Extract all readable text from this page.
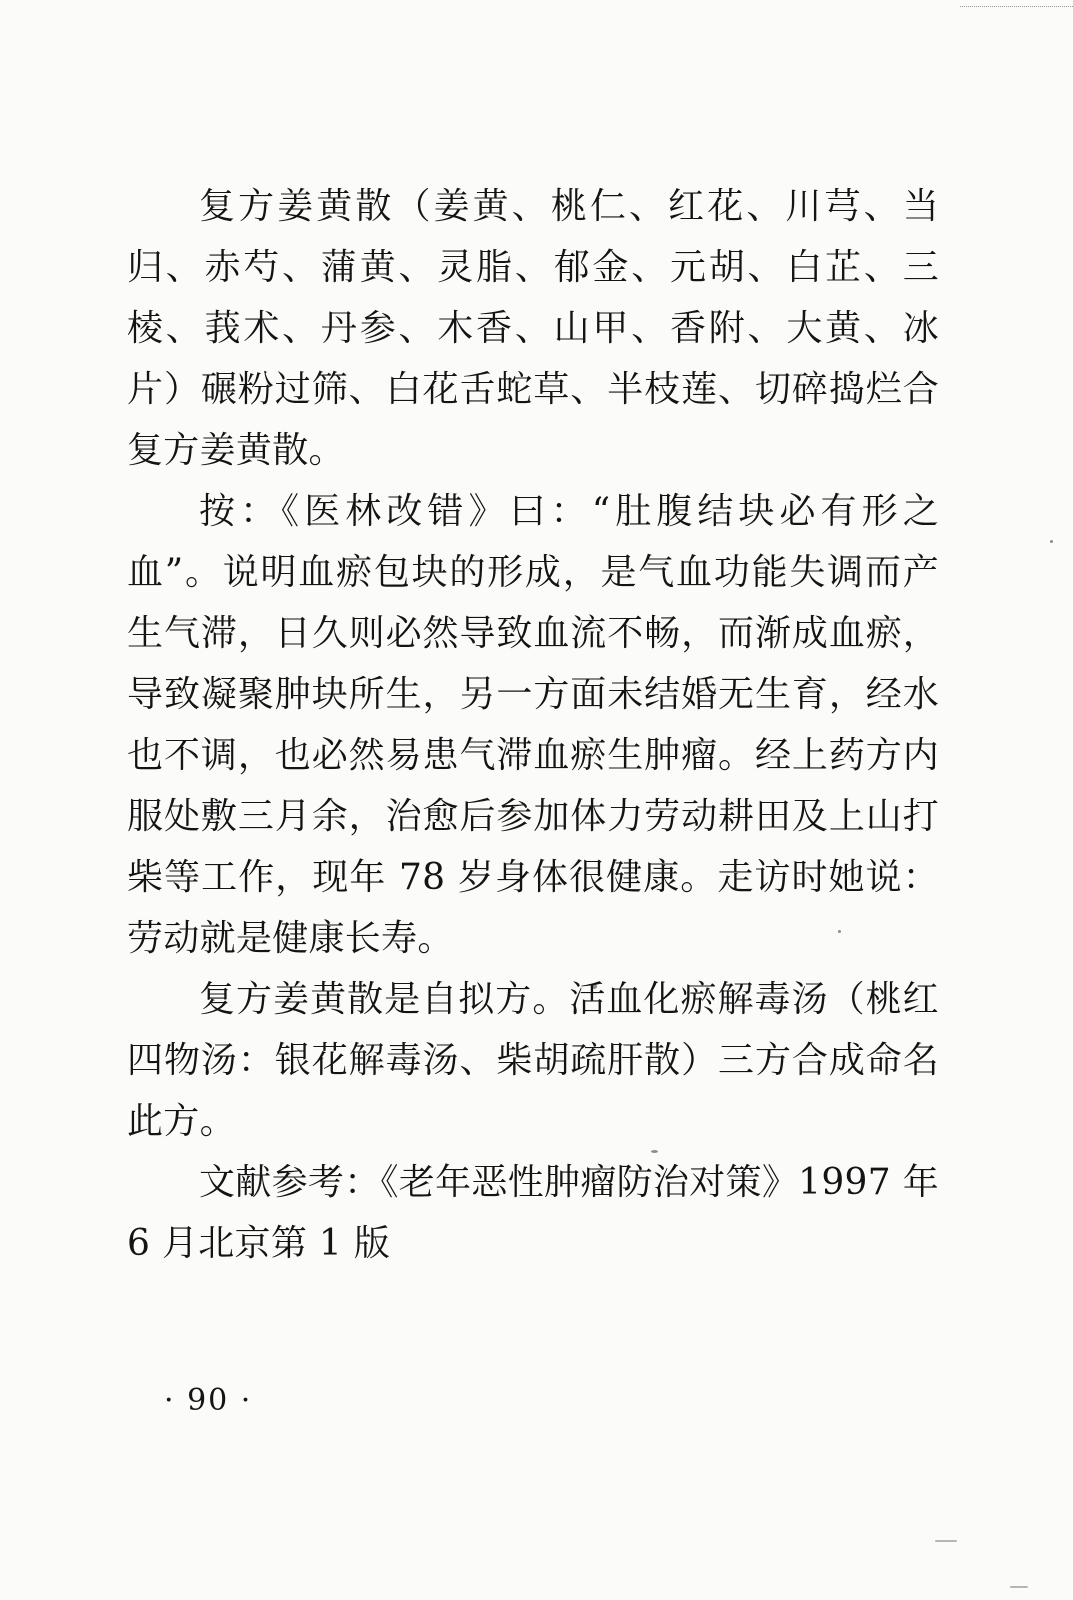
复方姜黄散（姜黄、桃仁、红花、川芎、当归、赤芍、蒲黄、灵脂、郁金、元胡、白芷、三棱、莪术、丹参、木香、山甲、香附、大黄、冰片）碾粉过筛、白花舌蛇草、半枝莲、切碎捣烂合复方姜黄散。

按：《医林改错》曰：“肚腹结块必有形之血”。说明血瘀包块的形成，是气血功能失调而产生气滞，日久则必然导致血流不畅，而渐成血瘀，导致凝聚肿块所生，另一方面未结婚无生育，经水也不调，也必然易患气滞血瘀生肿瘤。经上药方内服处敷三月余，治愈后参加体力劳动耕田及上山打柴等工作，现年 78 岁身体很健康。走访时她说：劳动就是健康长寿。

复方姜黄散是自拟方。活血化瘀解毒汤（桃红四物汤：银花解毒汤、柴胡疏肝散）三方合成命名此方。

文献参考：《老年恶性肿瘤防治对策》1997 年 6 月北京第 1 版

· 90 ·
